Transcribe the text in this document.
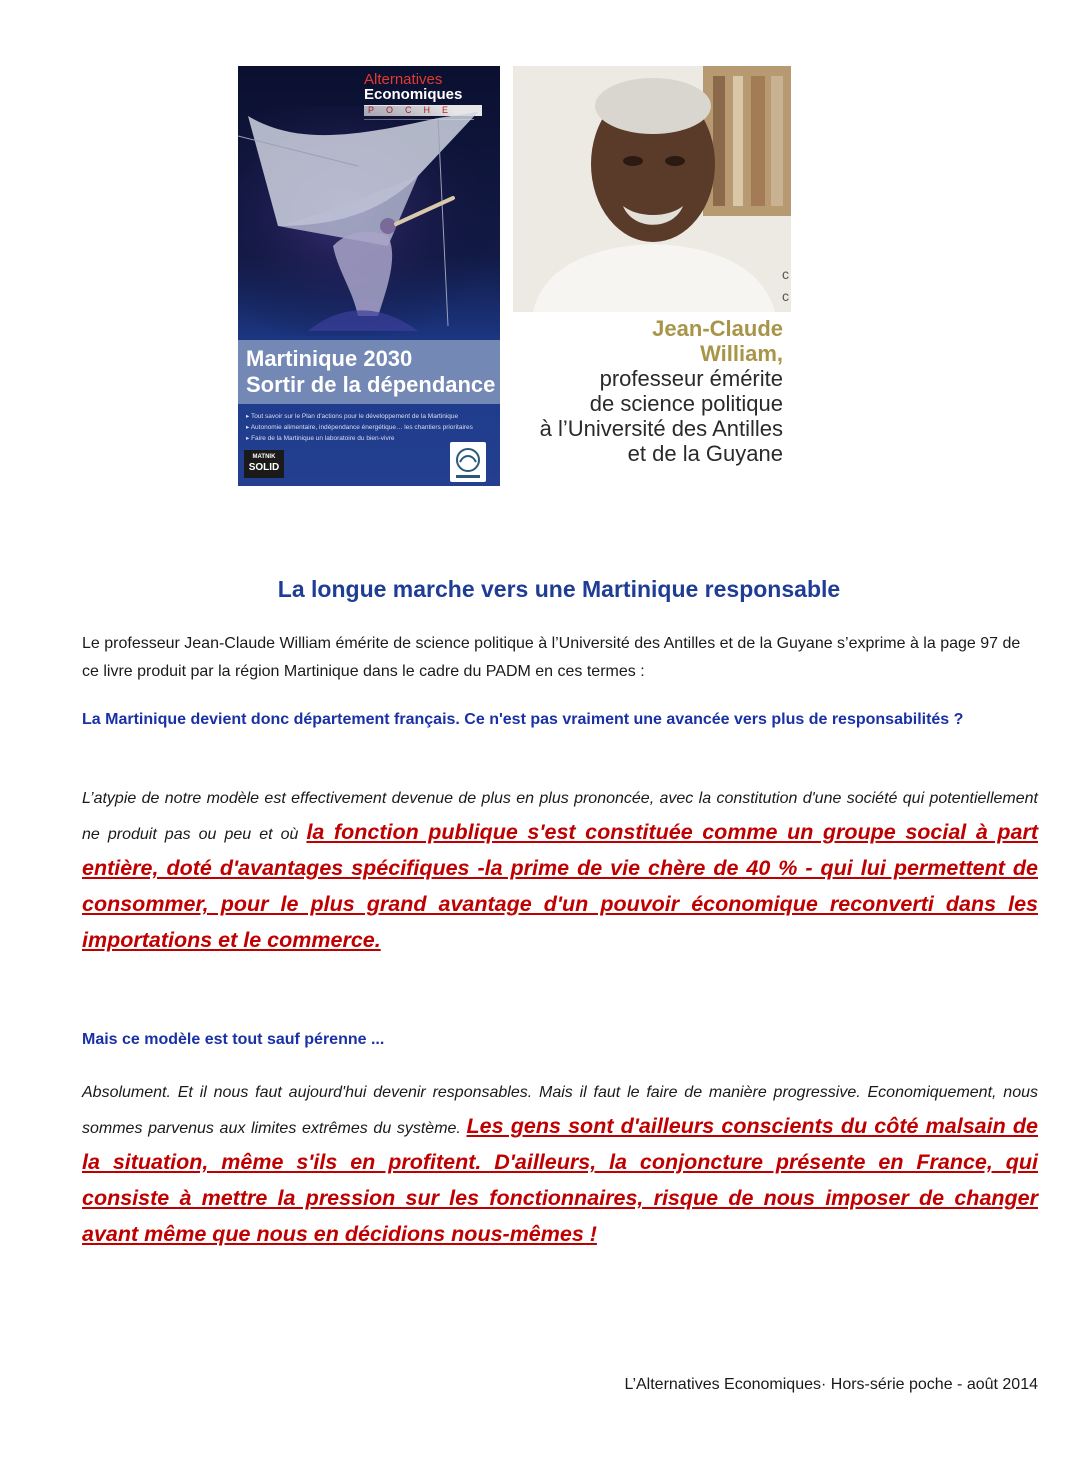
Alternatives
Economiques
Martinique 2030
Sortir de la dépendance
▸ Tout savoir sur le Plan d'actions pour le développement de la Martinique
▸ Autonomie alimentaire, indépendance énergétique… les chantiers prioritaires
▸ Faire de la Martinique un laboratoire du bien-vivre
MATNIK
SOLID
c
c
Jean-Claude
William,
professeur émérite
de science politique
à l’Université des Antilles
et de la Guyane
La longue marche vers une Martinique responsable

Le professeur Jean-Claude William émérite de science politique à l’Université des Antilles et de la Guyane s’exprime à la page 97 de ce livre produit par la région Martinique dans le cadre du PADM en ces termes :

La Martinique devient donc département français. Ce n'est pas vraiment une avancée vers plus de responsabilités ?

L’atypie de notre modèle est effectivement devenue de plus en plus prononcée, avec la constitution d'une société qui potentiellement ne produit pas ou peu et où la fonction publique s'est constituée comme un groupe social à part entière, doté d'avantages spécifiques -la prime de vie chère de 40 % - qui lui permettent de consommer, pour le plus grand avantage d'un pouvoir économique reconverti dans les importations et le commerce.

Mais ce modèle est tout sauf pérenne ...

Absolument. Et il nous faut aujourd'hui devenir responsables. Mais il faut le faire de manière progressive. Economiquement, nous sommes parvenus aux limites extrêmes du système. Les gens sont d'ailleurs conscients du côté malsain de la situation, même s'ils en profitent. D'ailleurs, la conjoncture présente en France, qui consiste à mettre la pression sur les fonctionnaires, risque de nous imposer de changer avant même que nous en décidions nous-mêmes !

L’Alternatives Economiques· Hors-série poche - août 2014
